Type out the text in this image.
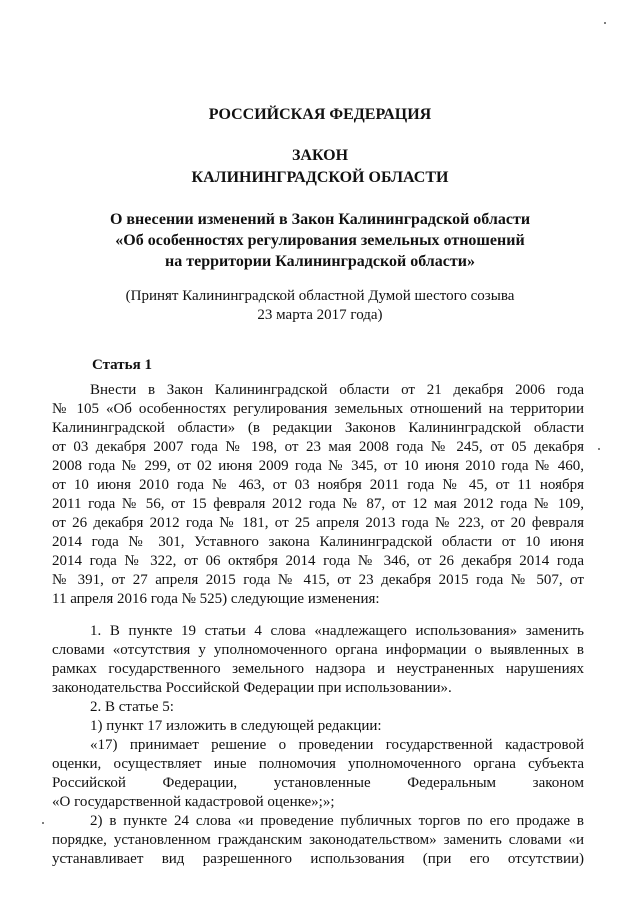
РОССИЙСКАЯ ФЕДЕРАЦИЯ

ЗАКОН

КАЛИНИНГРАДСКОЙ ОБЛАСТИ

О внесении изменений в Закон Калининградской области

«Об особенностях регулирования земельных отношений

на территории Калининградской области»

(Принят Калининградской областной Думой шестого созыва

23 марта 2017 года)

Статья 1

Внести в Закон Калининградской области от 21 декабря 2006 года
№ 105 «Об особенностях регулирования земельных отношений на территории
Калининградской области» (в редакции Законов Калининградской области
от 03 декабря 2007 года № 198, от 23 мая 2008 года № 245, от 05 декабря
2008 года № 299, от 02 июня 2009 года № 345, от 10 июня 2010 года № 460,
от 10 июня 2010 года № 463, от 03 ноября 2011 года № 45, от 11 ноября
2011 года № 56, от 15 февраля 2012 года № 87, от 12 мая 2012 года № 109,
от 26 декабря 2012 года № 181, от 25 апреля 2013 года № 223, от 20 февраля
2014 года № 301, Уставного закона Калининградской области от 10 июня
2014 года № 322, от 06 октября 2014 года № 346, от 26 декабря 2014 года
№ 391, от 27 апреля 2015 года № 415, от 23 декабря 2015 года № 507, от
11 апреля 2016 года № 525) следующие изменения:
1. В пункте 19 статьи 4 слова «надлежащего использования» заменить
словами «отсутствия у уполномоченного органа информации о выявленных в
рамках государственного земельного надзора и неустраненных нарушениях
законодательства Российской Федерации при использовании».
2. В статье 5:
1) пункт 17 изложить в следующей редакции:
«17) принимает решение о проведении государственной кадастровой
оценки, осуществляет иные полномочия уполномоченного органа субъекта
Российской Федерации, установленные Федеральным законом
«О государственной кадастровой оценке»;»;
2) в пункте 24 слова «и проведение публичных торгов по его продаже в
порядке, установленном гражданским законодательством» заменить словами «и
устанавливает вид разрешенного использования (при его отсутствии)
